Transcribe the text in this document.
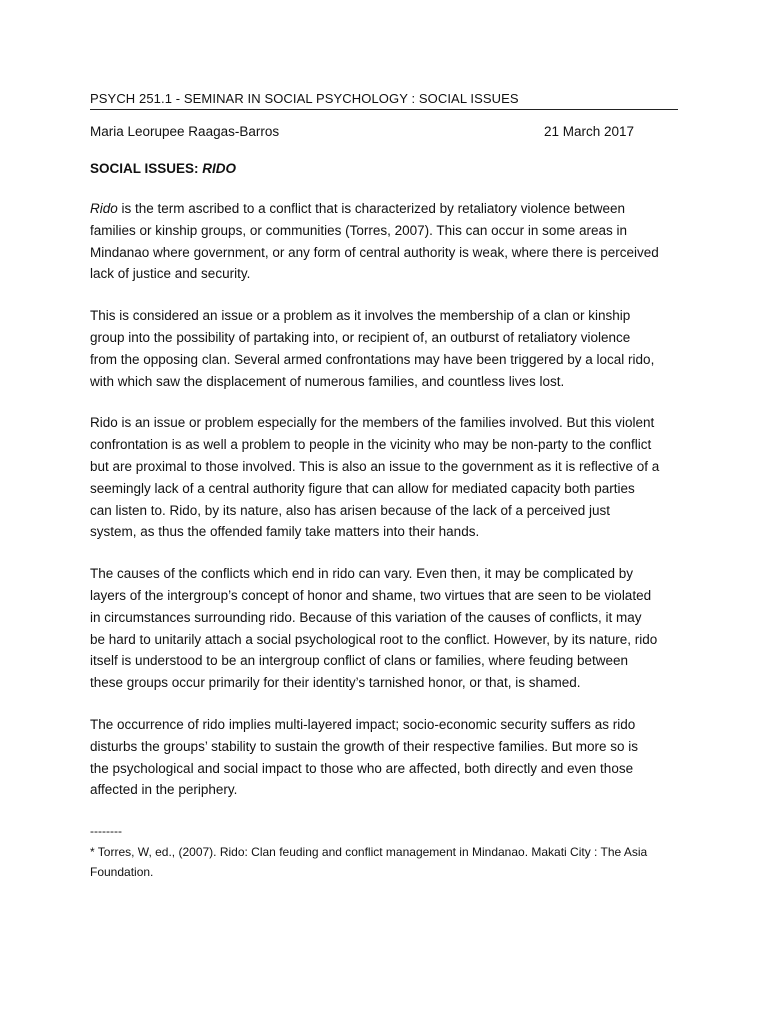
PSYCH 251.1 - SEMINAR IN SOCIAL PSYCHOLOGY : SOCIAL ISSUES
Maria Leorupee Raagas-Barros	21 March 2017
SOCIAL ISSUES: RIDO

Rido is the term ascribed to a conflict that is characterized by retaliatory violence between families or kinship groups, or communities (Torres, 2007). This can occur in some areas in Mindanao where government, or any form of central authority is weak, where there is perceived lack of justice and security.

This is considered an issue or a problem as it involves the membership of a clan or kinship group into the possibility of partaking into, or recipient of, an outburst of retaliatory violence from the opposing clan. Several armed confrontations may have been triggered by a local rido, with which saw the displacement of numerous families, and countless lives lost.

Rido is an issue or problem especially for the members of the families involved. But this violent confrontation is as well a problem to people in the vicinity who may be non-party to the conflict but are proximal to those involved. This is also an issue to the government as it is reflective of a seemingly lack of a central authority figure that can allow for mediated capacity both parties can listen to. Rido, by its nature, also has arisen because of the lack of a perceived just system, as thus the offended family take matters into their hands.

The causes of the conflicts which end in rido can vary. Even then, it may be complicated by layers of the intergroup’s concept of honor and shame, two virtues that are seen to be violated in circumstances surrounding rido. Because of this variation of the causes of conflicts, it may be hard to unitarily attach a social psychological root to the conflict. However, by its nature, rido itself is understood to be an intergroup conflict of clans or families, where feuding between these groups occur primarily for their identity’s tarnished honor, or that, is shamed.

The occurrence of rido implies multi-layered impact; socio-economic security suffers as rido disturbs the groups’ stability to sustain the growth of their respective families. But more so is the psychological and social impact to those who are affected, both directly and even those affected in the periphery.

--------
* Torres, W, ed., (2007). Rido: Clan feuding and conflict management in Mindanao. Makati City : The Asia Foundation.
